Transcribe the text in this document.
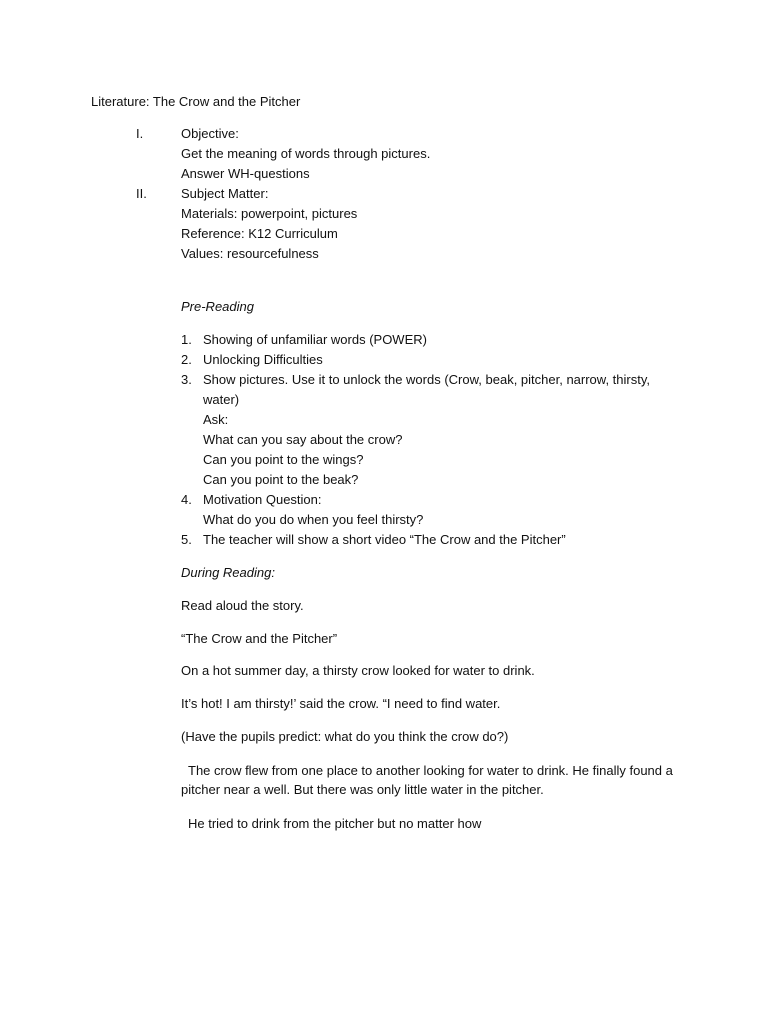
Literature: The Crow and the Pitcher
I.	Objective:
Get the meaning of words through pictures.
Answer WH-questions
II.	Subject Matter:
Materials: powerpoint, pictures
Reference: K12 Curriculum
Values: resourcefulness
Pre-Reading
1. Showing of unfamiliar words (POWER)
2. Unlocking Difficulties
3. Show pictures. Use it to unlock the words (Crow, beak, pitcher, narrow, thirsty,
water)
Ask:
What can you say about the crow?
Can you point to the wings?
Can you point to the beak?
4. Motivation Question:
What do you do when you feel thirsty?
5. The teacher will show a short video “The Crow and the Pitcher”
During Reading:
Read aloud the story.
“The Crow and the Pitcher”
On a hot summer day, a thirsty crow looked for water to drink.
It’s hot! I am thirsty!’ said the crow. “I need to find water.
(Have the pupils predict: what do you think the crow do?)
The crow flew from one place to another looking for water to drink. He finally found a
pitcher near a well. But there was only little water in the pitcher.
He tried to drink from the pitcher but no matter how
